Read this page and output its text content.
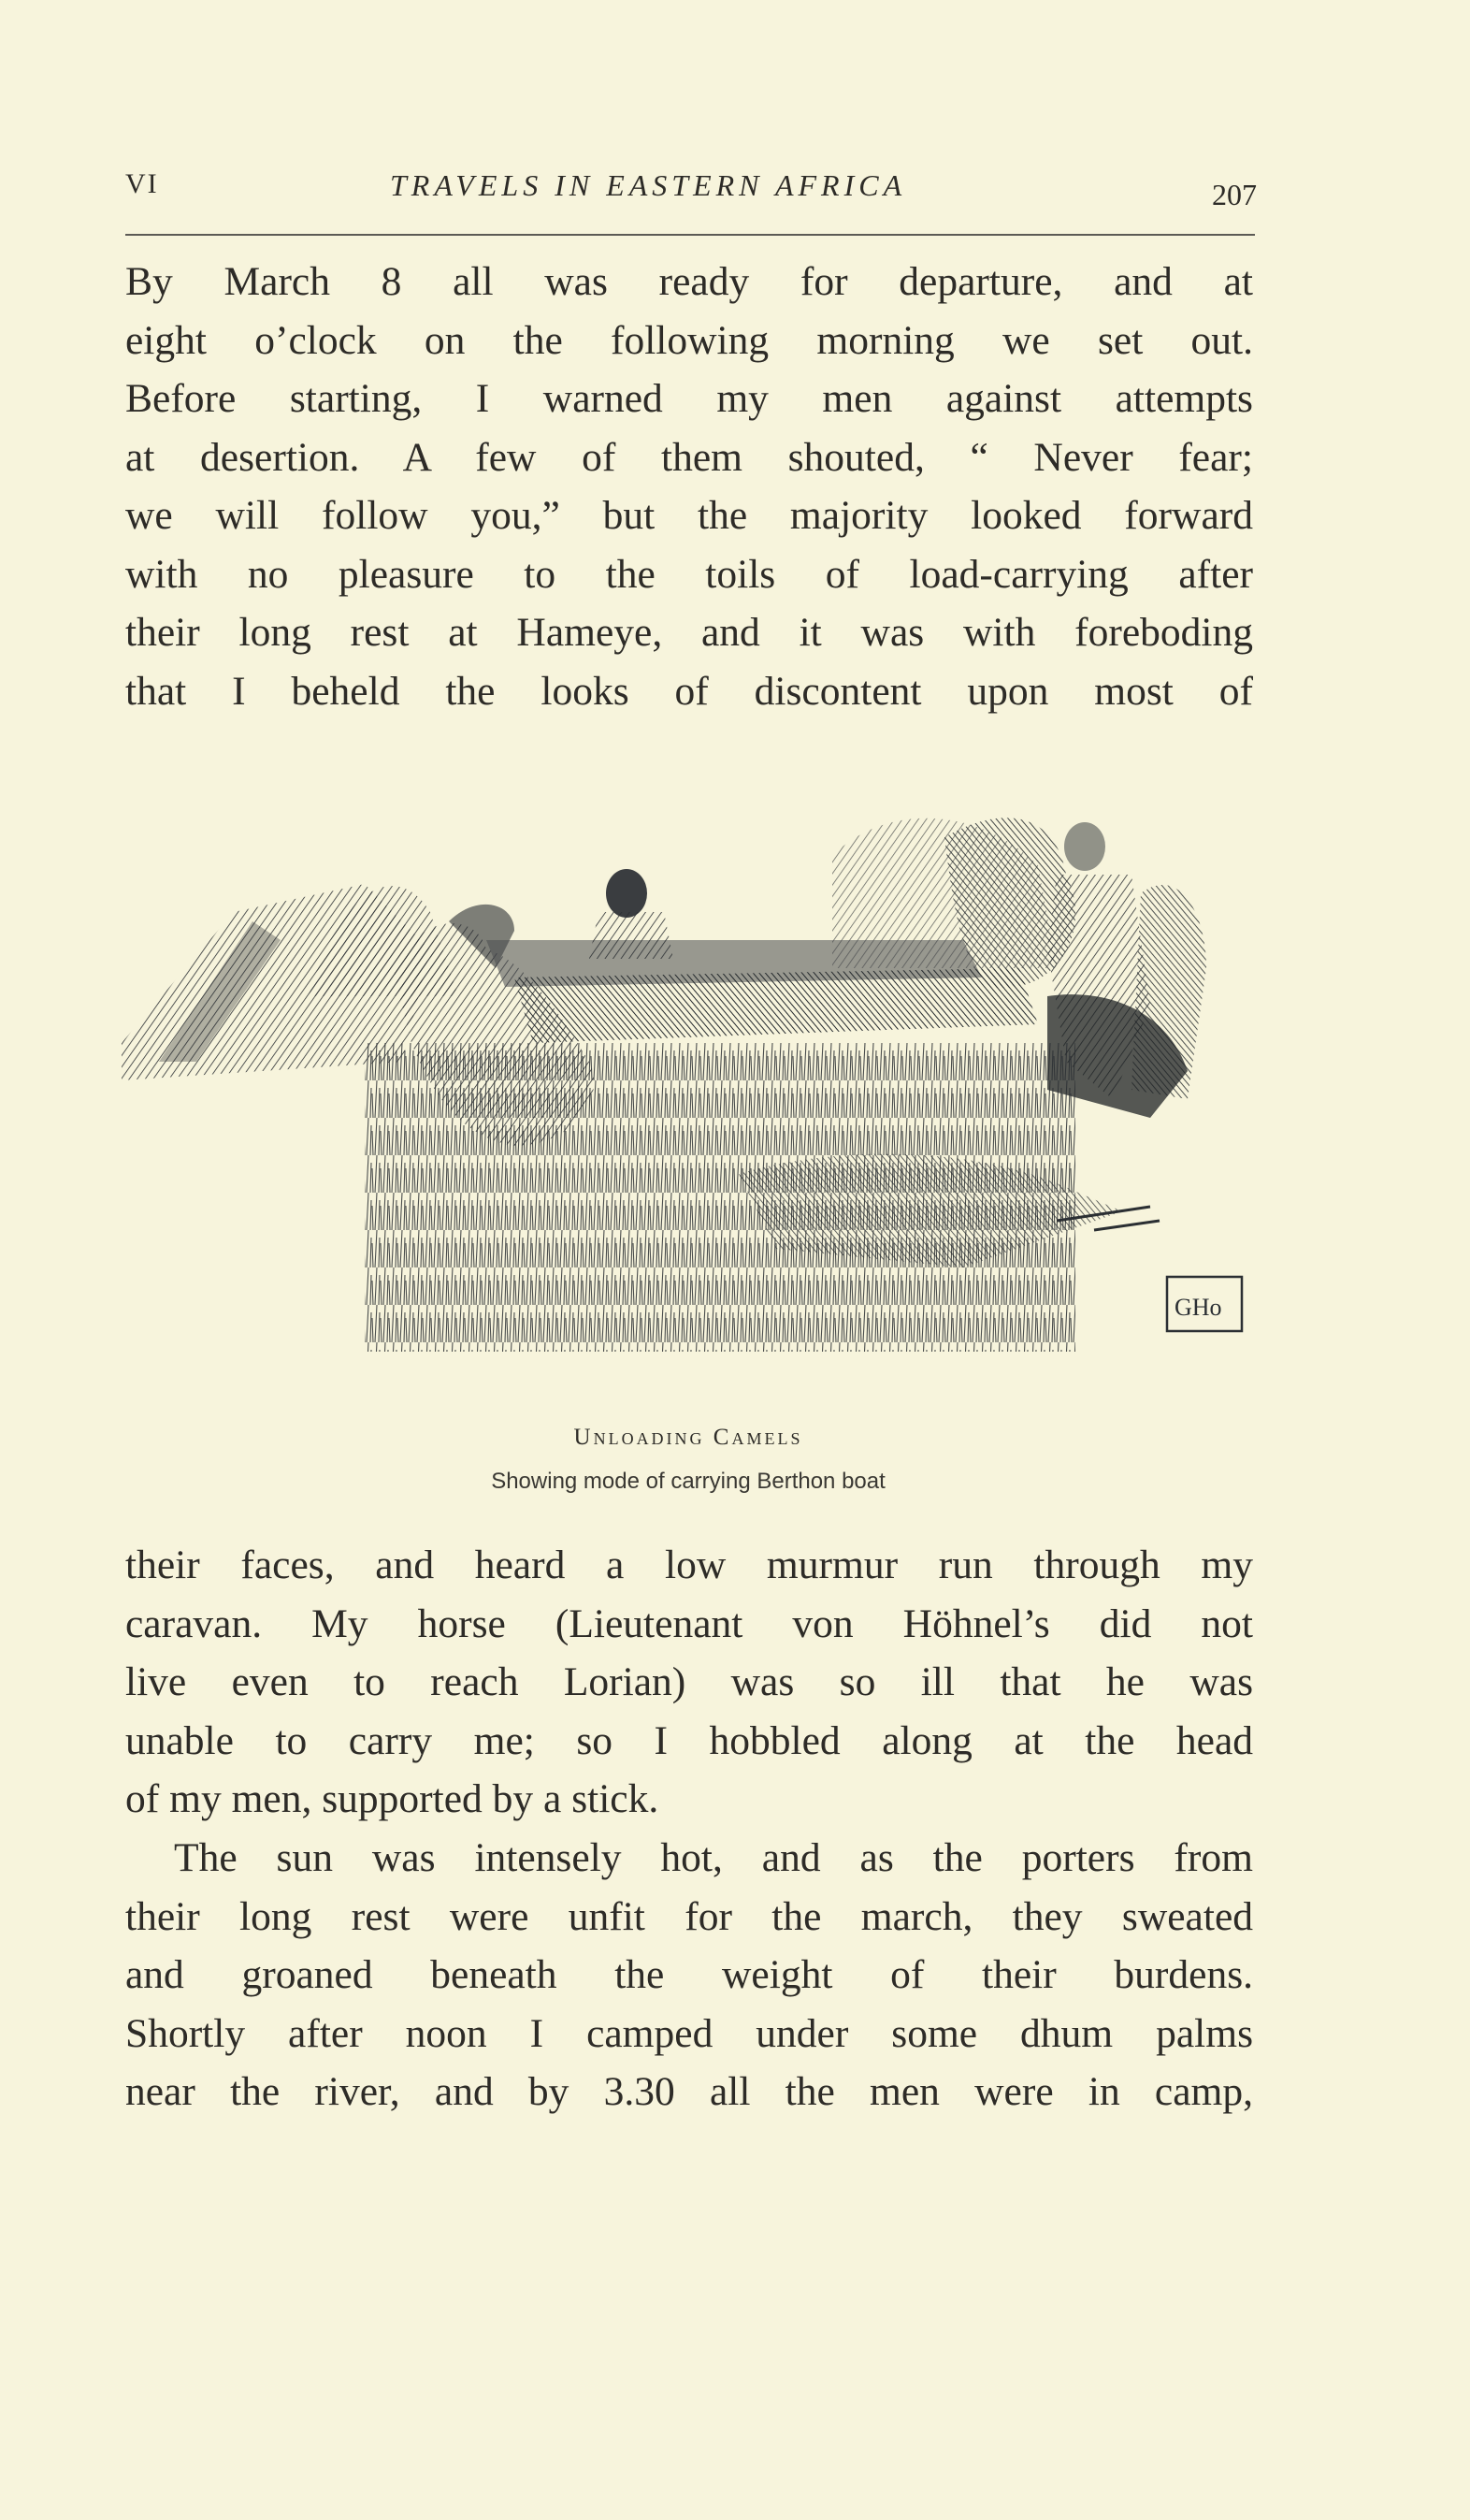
VI	TRAVELS IN EASTERN AFRICA	207
By March 8 all was ready for departure, and at
eight o’clock on the following morning we set out.
Before starting, I warned my men against attempts
at desertion. A few of them shouted, “ Never fear;
we will follow you,” but the majority looked forward
with no pleasure to the toils of load-carrying after
their long rest at Hameye, and it was with foreboding
that I beheld the looks of discontent upon most of
GHo
Unloading Camels
Showing mode of carrying Berthon boat
their faces, and heard a low murmur run through my
caravan. My horse (Lieutenant von Höhnel’s did not
live even to reach Lorian) was so ill that he was
unable to carry me; so I hobbled along at the head
of my men, supported by a stick.
The sun was intensely hot, and as the porters from
their long rest were unfit for the march, they sweated
and groaned beneath the weight of their burdens.
Shortly after noon I camped under some dhum palms
near the river, and by 3.30 all the men were in camp,
